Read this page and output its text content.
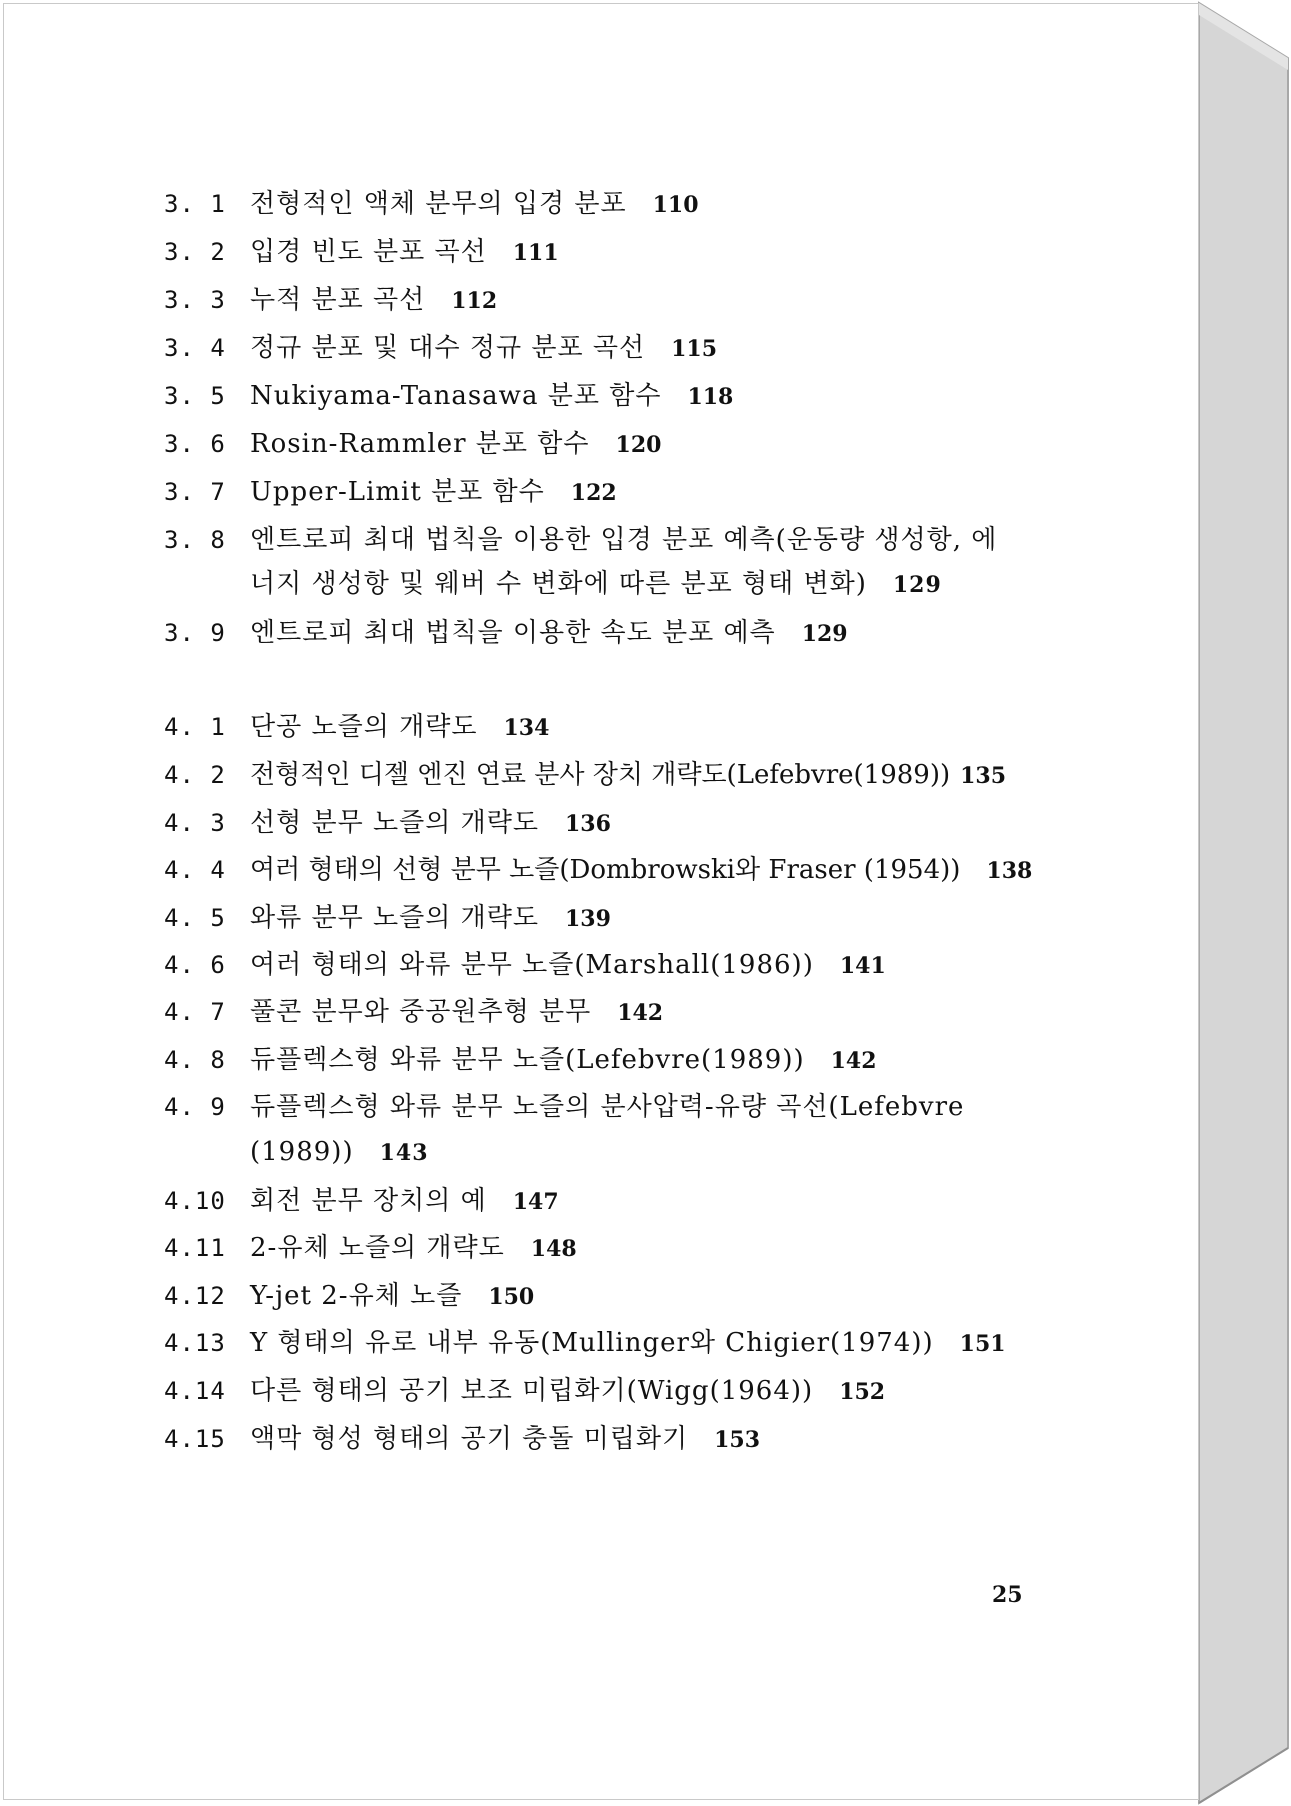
3. 1 전형적인 액체 분무의 입경 분포 110
3. 2 입경 빈도 분포 곡선 111
3. 3 누적 분포 곡선 112
3. 4 정규 분포 및 대수 정규 분포 곡선 115
3. 5 Nukiyama-Tanasawa 분포 함수 118
3. 6 Rosin-Rammler 분포 함수 120
3. 7 Upper-Limit 분포 함수 122
3. 8 엔트로피 최대 법칙을 이용한 입경 분포 예측(운동량 생성항, 에
너지 생성항 및 웨버 수 변화에 따른 분포 형태 변화) 129
3. 9 엔트로피 최대 법칙을 이용한 속도 분포 예측 129
4. 1 단공 노즐의 개략도 134
4. 2 전형적인 디젤 엔진 연료 분사 장치 개략도(Lefebvre(1989)) 135
4. 3 선형 분무 노즐의 개략도 136
4. 4 여러 형태의 선형 분무 노즐(Dombrowski와 Fraser (1954)) 138
4. 5 와류 분무 노즐의 개략도 139
4. 6 여러 형태의 와류 분무 노즐(Marshall(1986)) 141
4. 7 풀콘 분무와 중공원추형 분무 142
4. 8 듀플렉스형 와류 분무 노즐(Lefebvre(1989)) 142
4. 9 듀플렉스형 와류 분무 노즐의 분사압력-유량 곡선(Lefebvre
(1989)) 143
4.10 회전 분무 장치의 예 147
4.11 2-유체 노즐의 개략도 148
4.12 Y-jet 2-유체 노즐 150
4.13 Y 형태의 유로 내부 유동(Mullinger와 Chigier(1974)) 151
4.14 다른 형태의 공기 보조 미립화기(Wigg(1964)) 152
4.15 액막 형성 형태의 공기 충돌 미립화기 153
25
